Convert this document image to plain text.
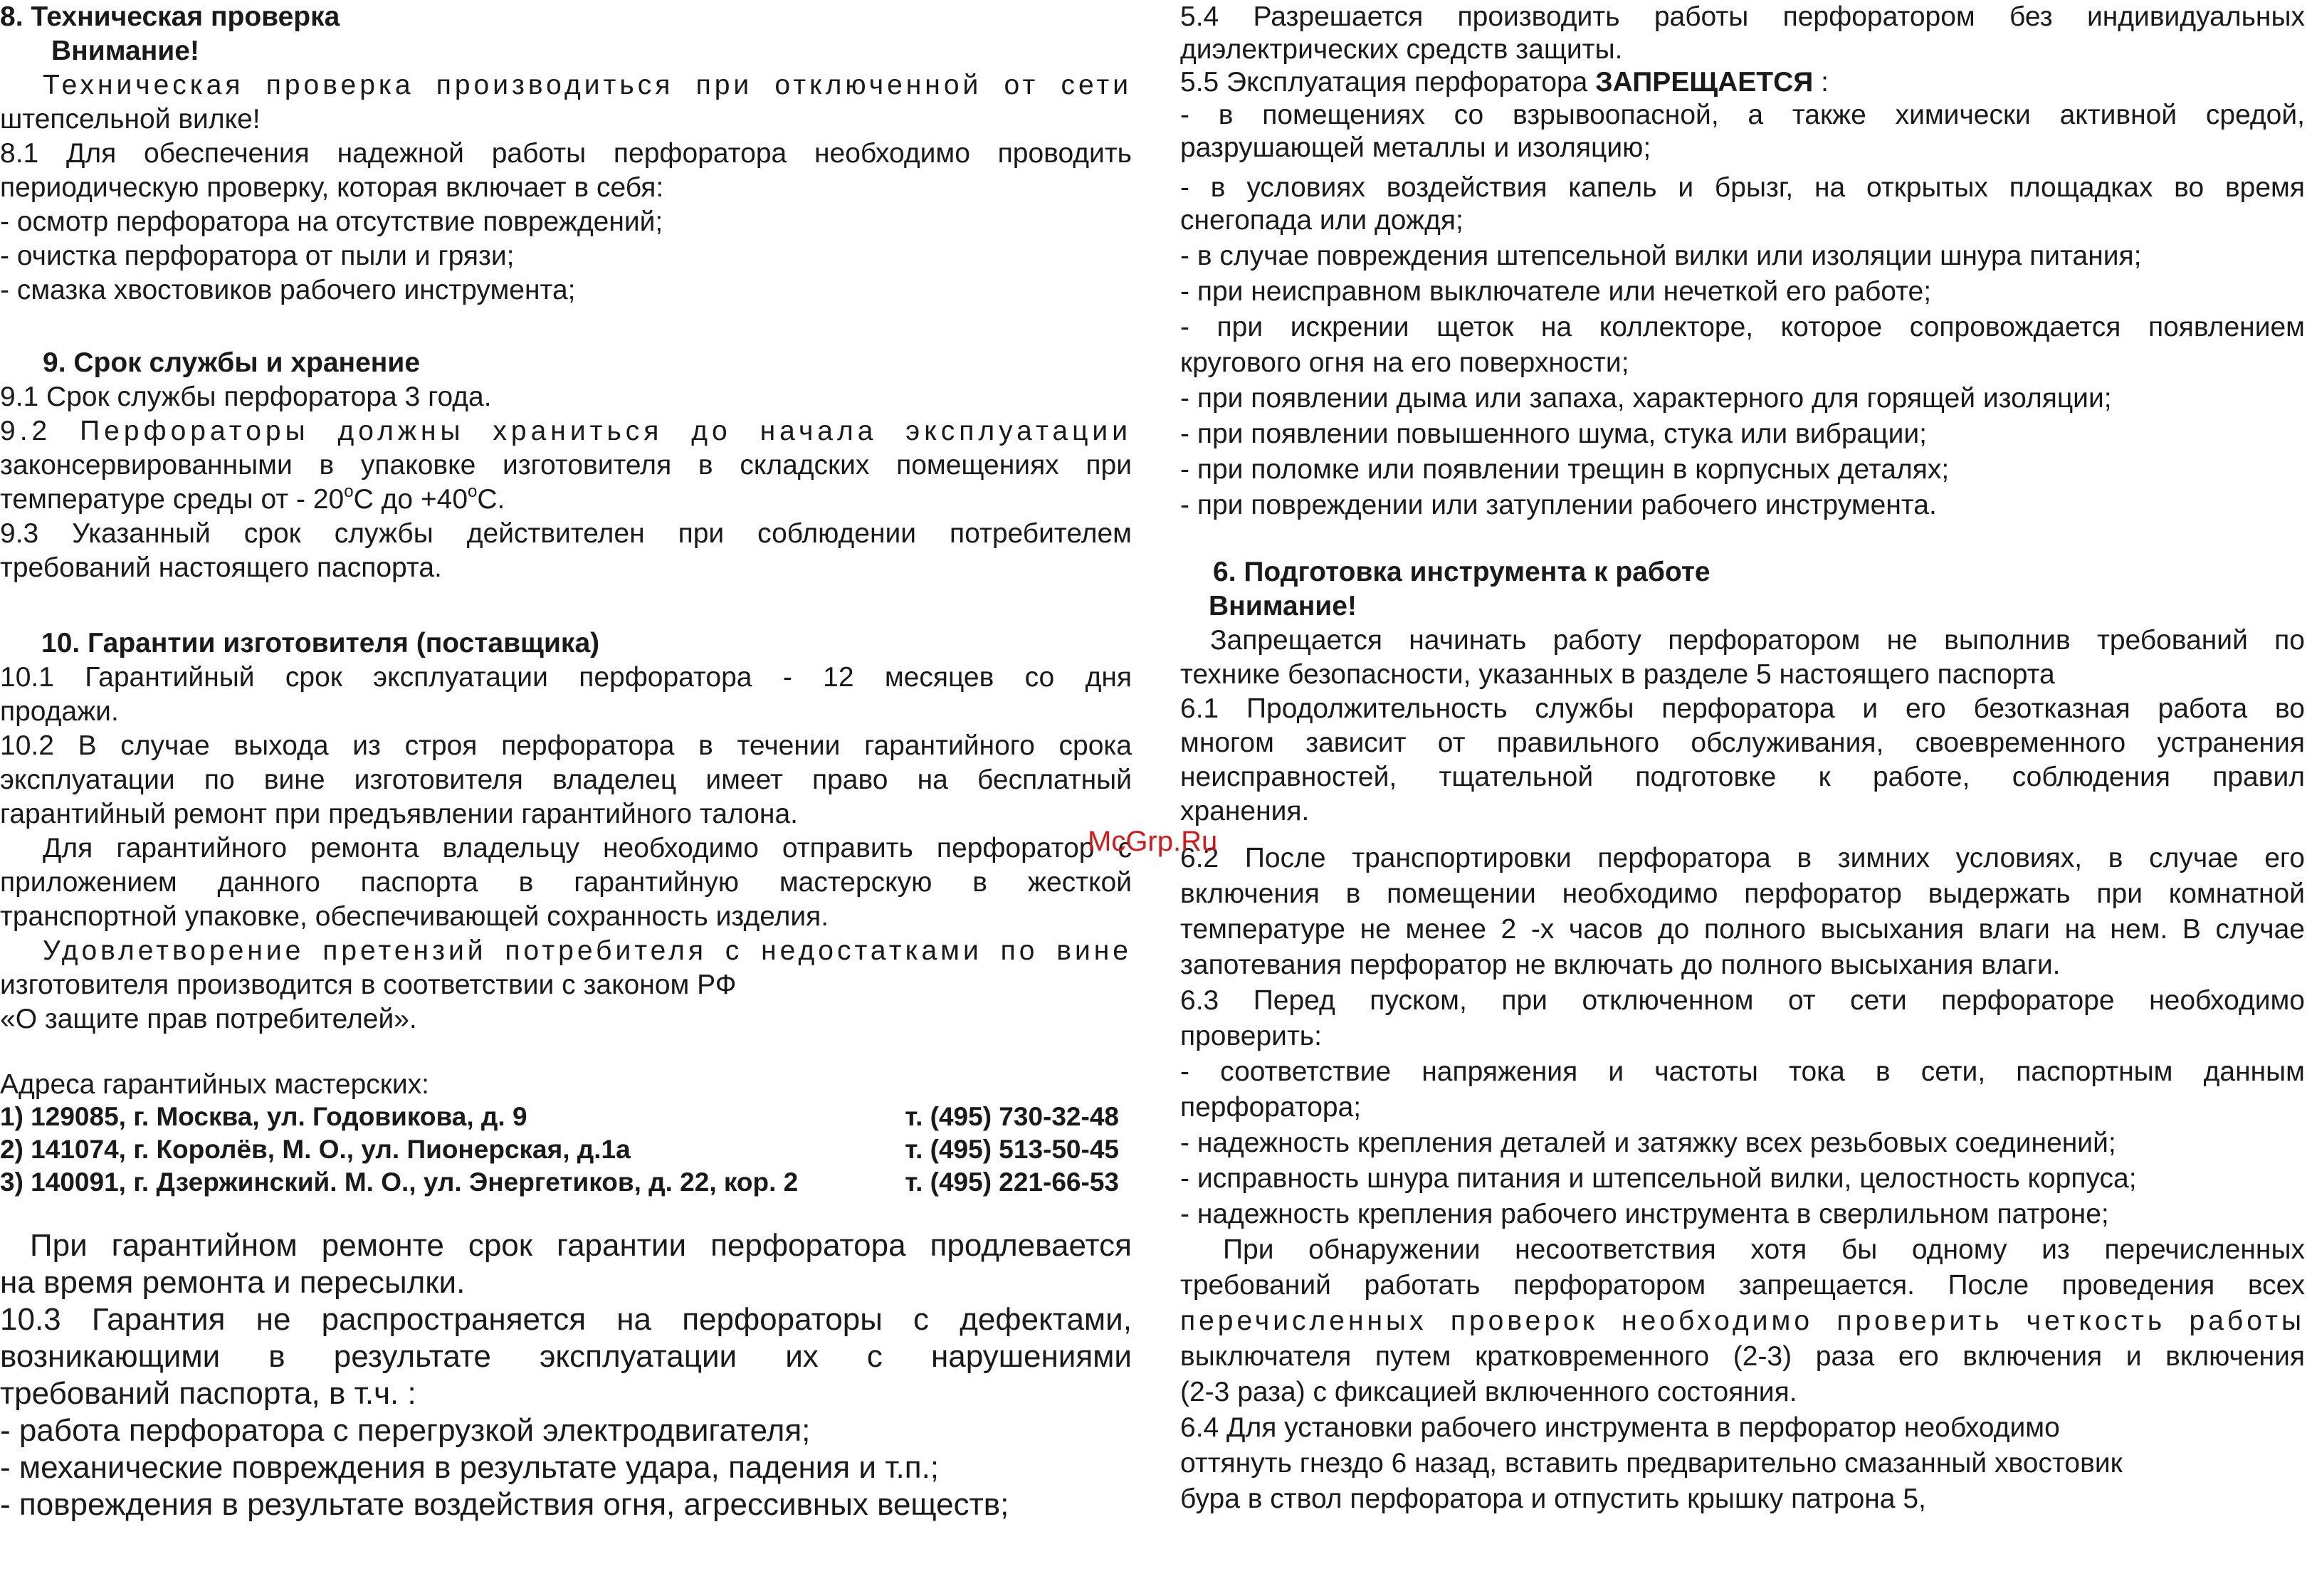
8. Техническая проверка
Внимание!
Техническая проверка производиться при отключенной от сети
штепсельной вилке!
8.1 Для обеспечения надежной работы перфоратора необходимо проводить
периодическую проверку, которая включает в себя:
- осмотр перфоратора на отсутствие повреждений;
- очистка перфоратора от пыли и грязи;
- смазка хвостовиков рабочего инструмента;
9. Срок службы и хранение
9.1 Срок службы перфоратора 3 года.
9.2 Перфораторы должны храниться до начала эксплуатации
законсервированными в упаковке изготовителя в складских помещениях при
температуре среды от - 20$^o$С до $+40^oС$.
9.3 Указанный срок службы действителен при соблюдении потребителем
требований настоящего паспорта.
10. Гарантии изготовителя (поставщика)
10.1 Гарантийный срок эксплуатации перфоратора - 12 месяцев со дня
продажи.
10.2 В случае выхода из строя перфоратора в течении гарантийного срока
эксплуатации по вине изготовителя владелец имеет право на бесплатный
гарантийный ремонт при предъявлении гарантийного талона.
Для гарантийного ремонта владельцу необходимо отправить перфоратор с
приложением данного паспорта в гарантийную мастерскую в жесткой
транспортной упаковке, обеспечивающей сохранность изделия.
Удовлетворение претензий потребителя с недостатками по вине
изготовителя производится в соответствии с законом РФ
«О защите прав потребителей».
Адреса гарантийных мастерских:
1) 129085, г. Москва, ул. Годовикова, д. 9	т. (495) 730-32-48
2) 141074, г. Королёв, М. О., ул. Пионерская, д.1а	т. (495) 513-50-45
3) 140091, г. Дзержинский. М. О., ул. Энергетиков, д. 22, кор. 2	т. (495) 221-66-53
При гарантийном ремонте срок гарантии перфоратора продлевается
на время ремонта и пересылки.
10.3 Гарантия не распространяется на перфораторы с дефектами,
возникающими в результате эксплуатации их с нарушениями
требований паспорта, в т.ч. :
- работа перфоратора с перегрузкой электродвигателя;
- механические повреждения в результате удара, падения и т.п.;
- повреждения в результате воздействия огня, агрессивных веществ;
5.4 Разрешается производить работы перфоратором без индивидуальных
диэлектрических средств защиты.
5.5 Эксплуатация перфоратора ЗАПРЕЩАЕТСЯ :
- в помещениях со взрывоопасной, а также химически активной средой,
разрушающей металлы и изоляцию;
- в условиях воздействия капель и брызг, на открытых площадках во время
снегопада или дождя;
- в случае повреждения штепсельной вилки или изоляции шнура питания;
- при неисправном выключателе или нечеткой его работе;
- при искрении щеток на коллекторе, которое сопровождается появлением
кругового огня на его поверхности;
- при появлении дыма или запаха, характерного для горящей изоляции;
- при появлении повышенного шума, стука или вибрации;
- при поломке или появлении трещин в корпусных деталях;
- при повреждении или затуплении рабочего инструмента.
6. Подготовка инструмента к работе
Внимание!
Запрещается начинать работу перфоратором не выполнив требований по
технике безопасности, указанных в разделе 5 настоящего паспорта
6.1 Продолжительность службы перфоратора и его безотказная работа во
многом зависит от правильного обслуживания, своевременного устранения
неисправностей, тщательной подготовке к работе, соблюдения правил
хранения.
6.2 После транспортировки перфоратора в зимних условиях, в случае его
включения в помещении необходимо перфоратор выдержать при комнатной
температуре не менее 2 -х часов до полного высыхания влаги на нем. В случае
запотевания перфоратор не включать до полного высыхания влаги.
6.3 Перед пуском, при отключенном от сети перфораторе необходимо
проверить:
- соответствие напряжения и частоты тока в сети, паспортным данным
перфоратора;
- надежность крепления деталей и затяжку всех резьбовых соединений;
- исправность шнура питания и штепсельной вилки, целостность корпуса;
- надежность крепления рабочего инструмента в сверлильном патроне;
При обнаружении несоответствия хотя бы одному из перечисленных
требований работать перфоратором запрещается. После проведения всех
перечисленных проверок необходимо проверить четкость работы
выключателя путем кратковременного (2-3) раза его включения и включения
(2-3 раза) с фиксацией включенного состояния.
6.4 Для установки рабочего инструмента в перфоратор необходимо
оттянуть гнездо 6 назад, вставить предварительно смазанный хвостовик
бура в ствол перфоратора и отпустить крышку патрона 5,
McGrp.Ru
